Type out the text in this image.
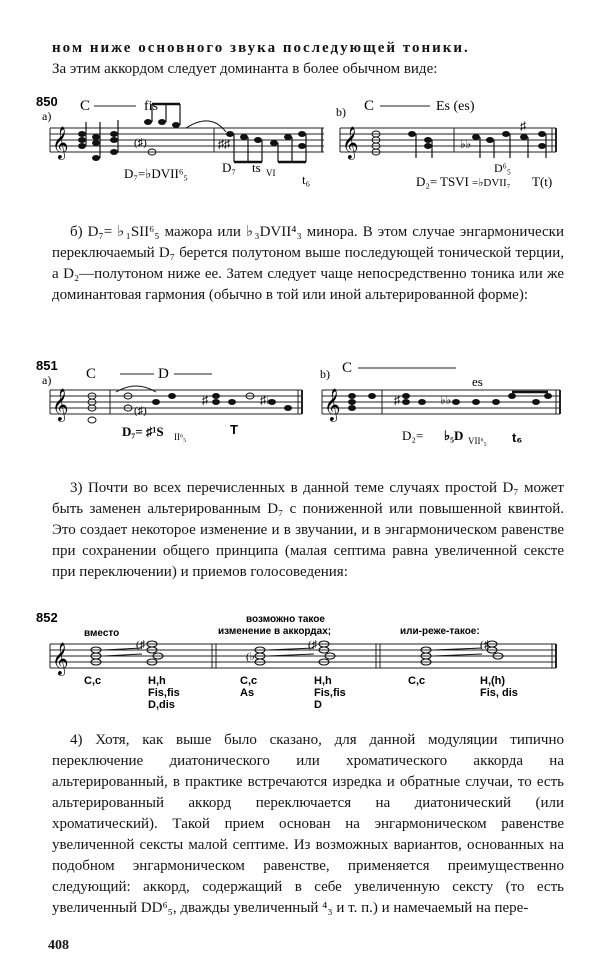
ном ниже основного звука последующей тоники.

За этим аккордом следует доминанта в более обычном виде:

850
a)
C	fis
𝄞	(♯)	♯♯
D₇=♭DVII⁶₅	D₇ ts VI t₆
b) C	Es (es)
𝄞	♭♭
♯
D₂= TSVI =♭DVII₇
D⁶₅
T(t)

б) D₇= ♭₁SII⁶₅ мажора или ♭₃DVII⁴₃ минора. В этом случае энгармонически переключаемый D₇ берется полутоном выше последующей тонической терции, а D₂—полутоном ниже ее. Затем следует чаще непосредственно тоника или же доминантовая гармония (обычно в той или иной альтерированной форме):

851
a) C	D
𝄞	(♯)
♯	♯♭
D₇= ♯¹S II⁶₅	T
b) C
es
𝄞	♯	♭♭
D₂= ♭₅D VII⁶₅ t₆

3) Почти во всех перечисленных в данной теме случаях простой D₇ может быть заменен альтерированным D₇ с пониженной или повышенной квинтой. Это создает некоторое изменение и в звучании, и в энгармоническом равенстве при сохранении общего принципа (малая септима равна увеличенной сексте при переключении) и приемов голосоведения:

852
вместо
возможно такое
изменение в аккордах;	или-реже-такое:
𝄞	(♯
(♭
(♯	(♯
C,c	H,h
Fis,fis
D,dis
C,c
As
H,h
Fis,fis
D
C,c	H,(h)
Fis, dis

4) Хотя, как выше было сказано, для данной модуляции типично переключение диатонического или хроматического аккорда на альтерированный, в практике встречаются изредка и обратные случаи, то есть альтерированный аккорд переключается на диатонический (или хроматический). Такой прием основан на энгармоническом равенстве увеличенной сексты малой септиме. Из возможных вариантов, основанных на подобном энгармоническом равенстве, применяется преимущественно следующий: аккорд, содержащий в себе увеличенную сексту (то есть увеличенный DD⁶₅, дважды увеличенный ⁴₃ и т. п.) и намечаемый на пере-

408
